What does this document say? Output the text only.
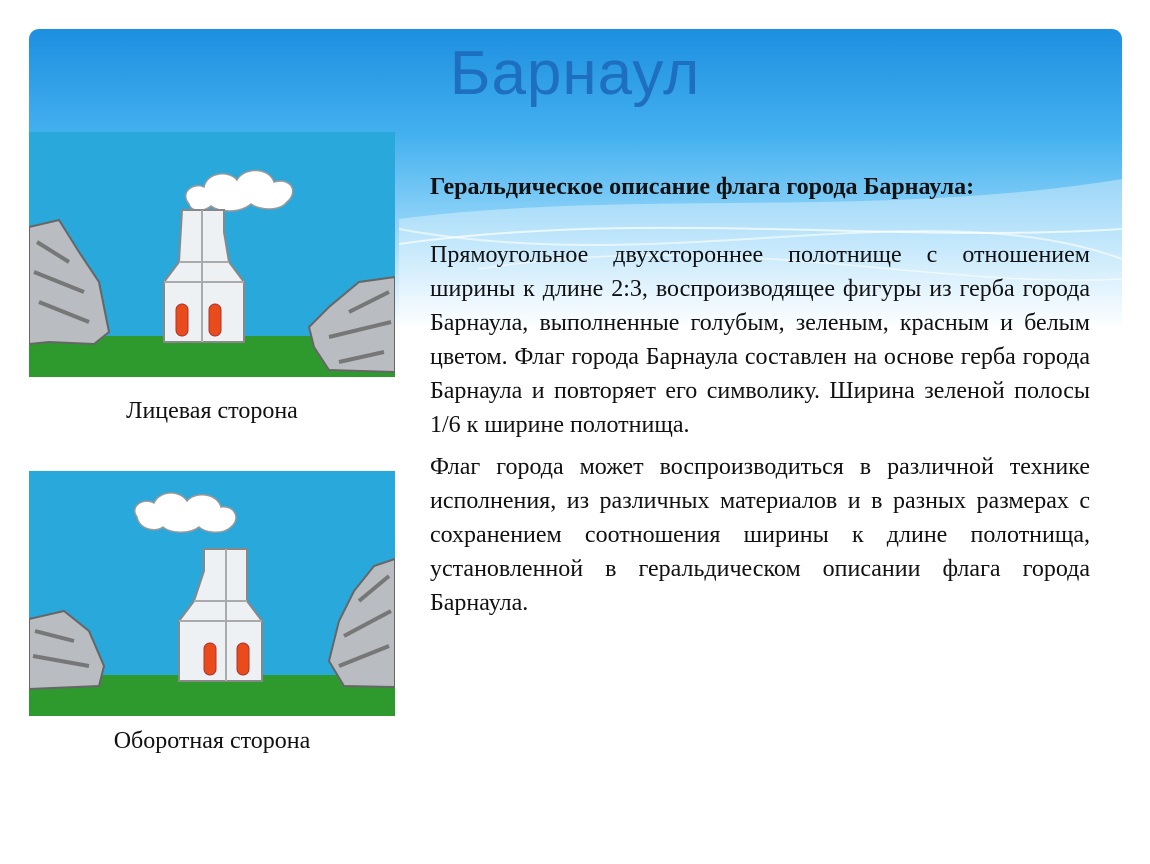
Барнаул

Лицевая сторона

Оборотная сторона

Геральдическое описание флага города Барнаула:

Прямоугольное двухстороннее полотнище с отношением ширины к длине 2:3, воспроизводящее фигуры из герба города Барнаула, выполненные голубым, зеленым, красным и белым цветом. Флаг города Барнаула составлен на основе герба города Барнаула и повторяет его символику. Ширина зеленой полосы 1/6 к ширине полотнища.

Флаг города может воспроизводиться в различной технике исполнения, из различных материалов и в разных размерах с сохранением соотношения ширины к длине полотнища, установленной в геральдическом описании флага города Барнаула.
